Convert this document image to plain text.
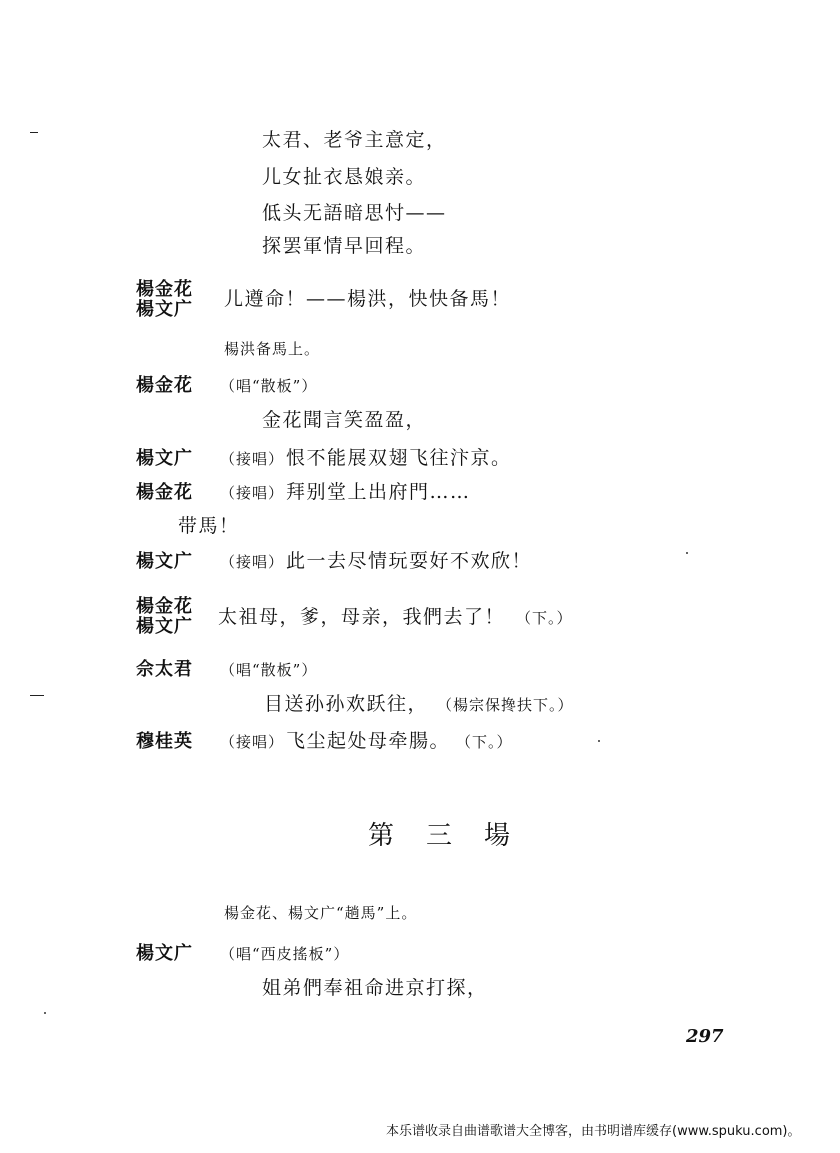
太君、老爷主意定，
儿女扯衣恳娘亲。
低头无語暗思忖——
探罢軍情早回程。
楊金花
楊文广 儿遵命！——楊洪，快快备馬！
楊洪备馬上。
楊金花 （唱“散板”）
金花聞言笑盈盈，
楊文广 （接唱） 恨不能展双翅飞往汴京。
楊金花 （接唱） 拜别堂上出府門……
带馬！
楊文广 （接唱） 此一去尽情玩耍好不欢欣！
楊金花
楊文广 太祖母，爹，母亲，我們去了！ （下。）
佘太君 （唱“散板”）
目送孙孙欢跃往， （楊宗保搀扶下。）
穆桂英 （接唱） 飞尘起处母牵腸。 （下。）
第三場
楊金花、楊文广“趟馬”上。
楊文广 （唱“西皮搖板”）
姐弟們奉祖命进京打探，
297
本乐谱收录自曲谱歌谱大全博客，由书明谱库缓存(www.spuku.com)。
